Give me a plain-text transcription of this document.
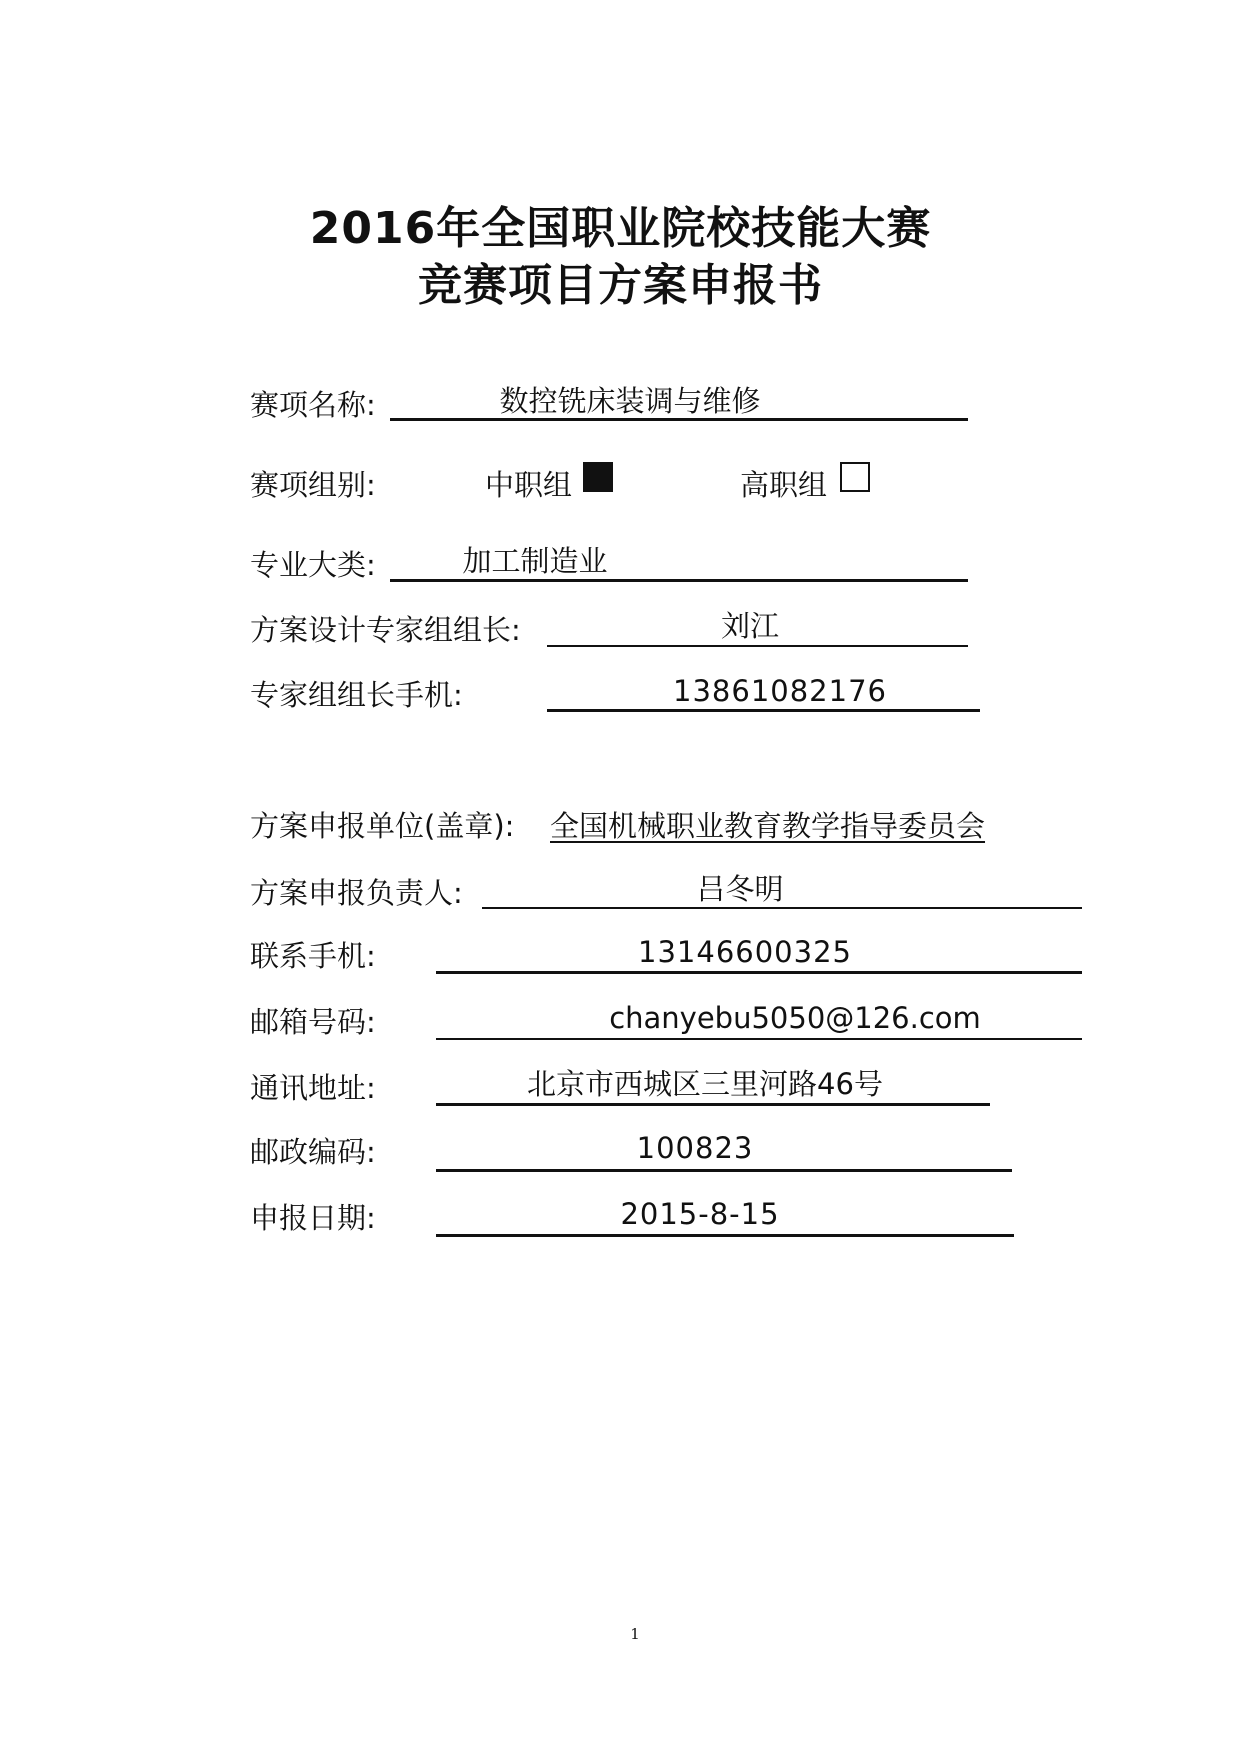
2016年全国职业院校技能大赛
竞赛项目方案申报书
赛项名称:	数控铣床装调与维修
赛项组别:	中职组	高职组
专业大类:	加工制造业
方案设计专家组组长:	刘江
专家组组长手机:	13861082176
方案申报单位(盖章): 全国机械职业教育教学指导委员会
方案申报负责人:	吕冬明
联系手机:	13146600325
邮箱号码:	chanyebu5050@126.com
通讯地址:	北京市西城区三里河路46号
邮政编码:	100823
申报日期:	2015-8-15
1
